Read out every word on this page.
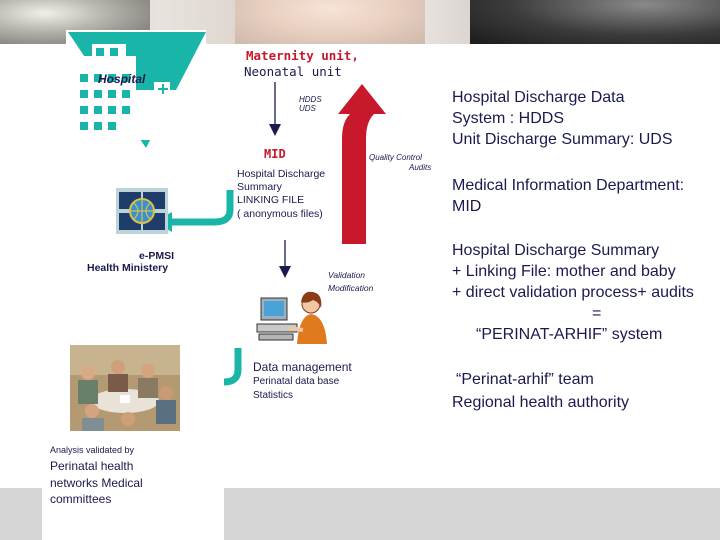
Hospital
Maternity unit,
Neonatal unit
HDDS
UDS
MID	Quality Control
Audits
Hospital Discharge
Summary
LINKING FILE
( anonymous files)
e-PMSI
Health Ministery
Validation
Modification
Data management
Perinatal data base
Statistics
Analysis validated by
Perinatal health
networks Medical
committees
Hospital Discharge Data
System : HDDS
Unit Discharge Summary: UDS
Medical Information Department:
MID
Hospital Discharge Summary
+ Linking File: mother and baby
+ direct validation process+ audits
=
“PERINAT-ARHIF” system
“Perinat-arhif” team
Regional health authority
